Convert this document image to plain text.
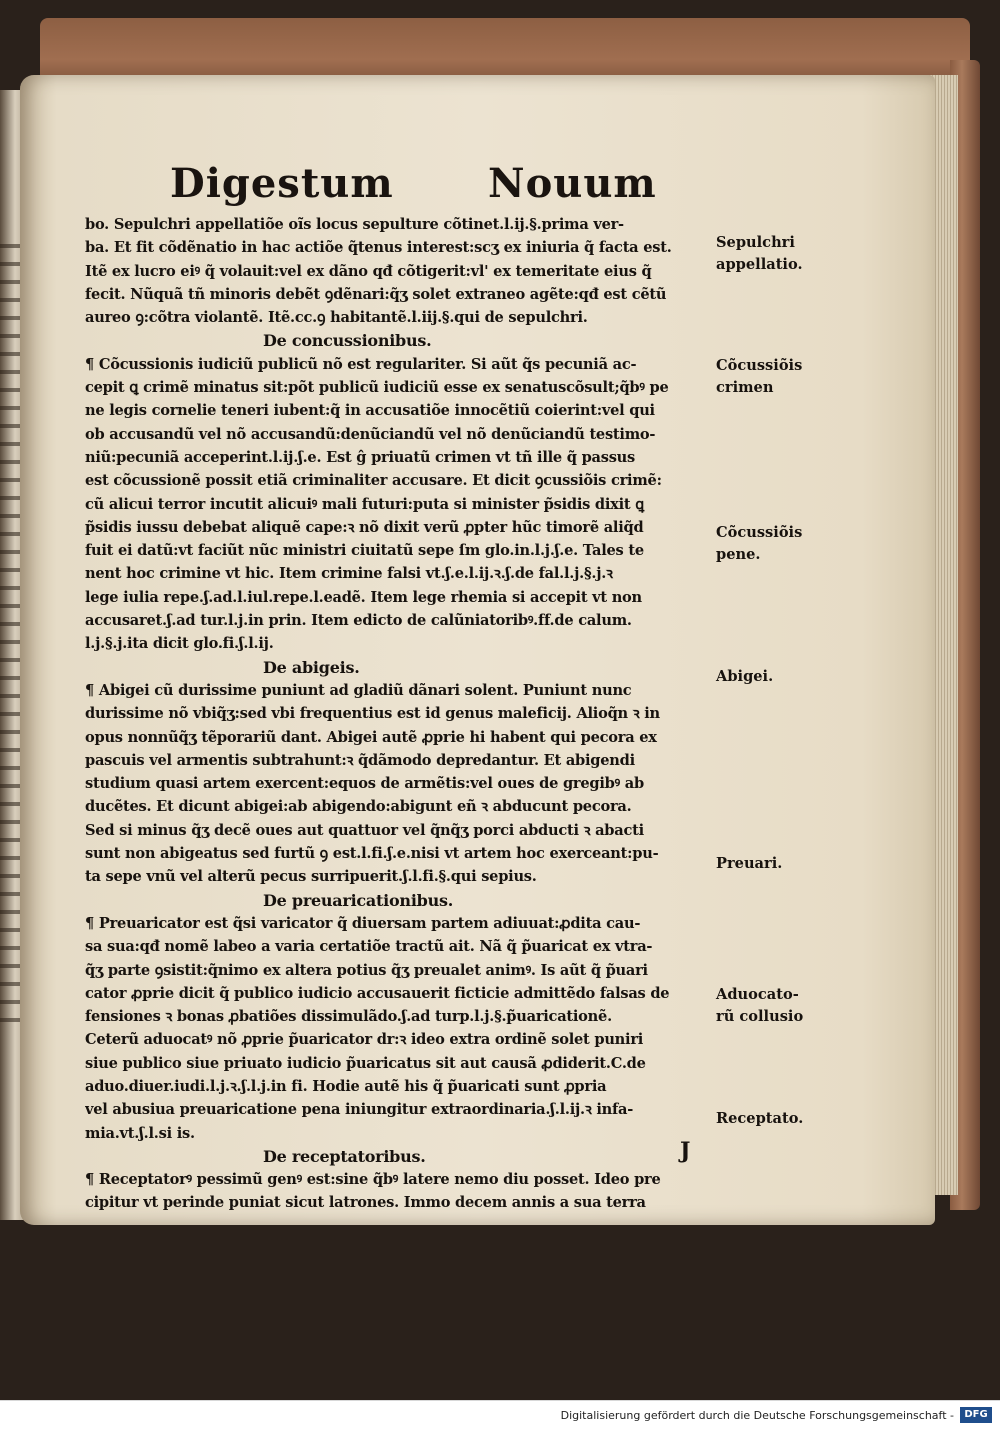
Digestum Nouum
bo. Sepulchri appellatiõe oĩs locus sepulture cõtinet.l.ij.§.prima ver-
ba. Et fit cõdẽnatio in hac actiõe q̃tenus interest:scʒ ex iniuria q̃ facta est.
Itẽ ex lucro eiꝰ q̃ volauit:vel ex dãno qđ cõtigerit:vl' ex temeritate eius q̃
fecit. Nũquã tñ minoris debẽt ꝯdẽnari:q̃ʒ solet extraneo agẽte:qđ est cẽtũ
aureo ꝯ:cõtra violantẽ. Itẽ.cc.ꝯ habitantẽ.l.iij.§.qui de sepulchri.
De concussionibus.
¶ Cõcussionis iudiciũ publicũ nõ est regulariter. Si aũt q̃s pecuniã ac-
cepit ꝗ crimẽ minatus sit:põt publicũ iudiciũ esse ex senatuscõsult;q̃bꝰ pe
ne legis cornelie teneri iubent:q̃ in accusatiõe innocẽtiũ coierint:vel qui
ob accusandũ vel nõ accusandũ:denũciandũ vel nõ denũciandũ testimo-
niũ:pecuniã acceperint.l.ij.ʃ.e. Est ĝ priuatũ crimen vt tñ ille q̃ passus
est cõcussionẽ possit etiã criminaliter accusare. Et dicit ꝯcussiõis crimẽ:
cũ alicui terror incutit alicuiꝰ mali futuri:puta si minister p̃sidis dixit ꝗ
p̃sidis iussu debebat aliquẽ cape:ꝛ nõ dixit verũ ꝓpter hũc timorẽ aliq̃d
fuit ei datũ:vt faciũt nũc ministri ciuitatũ sepe ſm glo.in.l.j.ʃ.e. Tales te
nent hoc crimine vt hic. Item crimine falsi vt.ʃ.e.l.ij.ꝛ.ʃ.de fal.l.j.§.j.ꝛ
lege iulia repe.ʃ.ad.l.iul.repe.l.eadẽ. Item lege rhemia si accepit vt non
accusaret.ʃ.ad tur.l.j.in prin. Item edicto de calũniatoribꝰ.ff.de calum.
l.j.§.j.ita dicit glo.fi.ʃ.l.ij.
De abigeis.
¶ Abigei cũ durissime puniunt ad gladiũ dãnari solent. Puniunt nunc
durissime nõ vbiq̃ʒ:sed vbi frequentius est id genus maleficij. Alioq̃n ꝛ in
opus nonnũq̃ʒ tẽporariũ dant. Abigei autẽ ꝓprie hi habent qui pecora ex
pascuis vel armentis subtrahunt:ꝛ q̃dãmodo depredantur. Et abigendi
studium quasi artem exercent:equos de armẽtis:vel oues de gregibꝰ ab
ducẽtes. Et dicunt abigei:ab abigendo:abigunt eñ ꝛ abducunt pecora.
Sed si minus q̃ʒ decẽ oues aut quattuor vel q̃nq̃ʒ porci abducti ꝛ abacti
sunt non abigeatus sed furtũ ꝯ est.l.fi.ʃ.e.nisi vt artem hoc exerceant:pu-
ta sepe vnũ vel alterũ pecus surripuerit.ʃ.l.fi.§.qui sepius.
De preuaricationibus.
¶ Preuaricator est q̃si varicator q̃ diuersam partem adiuuat:ꝓdita cau-
sa sua:qđ nomẽ labeo a varia certatiõe tractũ ait. Nã q̃ p̃uaricat ex vtra-
q̃ʒ parte ꝯsistit:q̃nimo ex altera potius q̃ʒ preualet animꝰ. Is aũt q̃ p̃uari
cator ꝓprie dicit q̃ publico iudicio accusauerit ficticie admittẽdo falsas de
fensiones ꝛ bonas ꝓbatiões dissimulãdo.ʃ.ad turp.l.j.§.p̃uaricationẽ.
Ceterũ aduocatꝰ nõ ꝓprie p̃uaricator dr:ꝛ ideo extra ordinẽ solet puniri
siue publico siue priuato iudicio p̃uaricatus sit aut causã ꝓdiderit.C.de
aduo.diuer.iudi.l.j.ꝛ.ʃ.l.j.in fi. Hodie autẽ his q̃ p̃uaricati sunt ꝓpria
vel abusiua preuaricatione pena iniungitur extraordinaria.ʃ.l.ij.ꝛ infa-
mia.vt.ʃ.l.si is.
De receptatoribus.
¶ Receptatorꝰ pessimũ genꝰ est:sine q̃bꝰ latere nemo diu posset. Ideo pre
cipitur vt perinde puniat sicut latrones. Immo decem annis a sua terra
Sepulchri
appellatio.
Cõcussiõis
crimen
Cõcussiõis
pene.
Abigei.
Preuari.
Aduocato-
rũ collusio
Receptato.
J
Digitalisierung gefördert durch die Deutsche Forschungsgemeinschaft -	DFG
